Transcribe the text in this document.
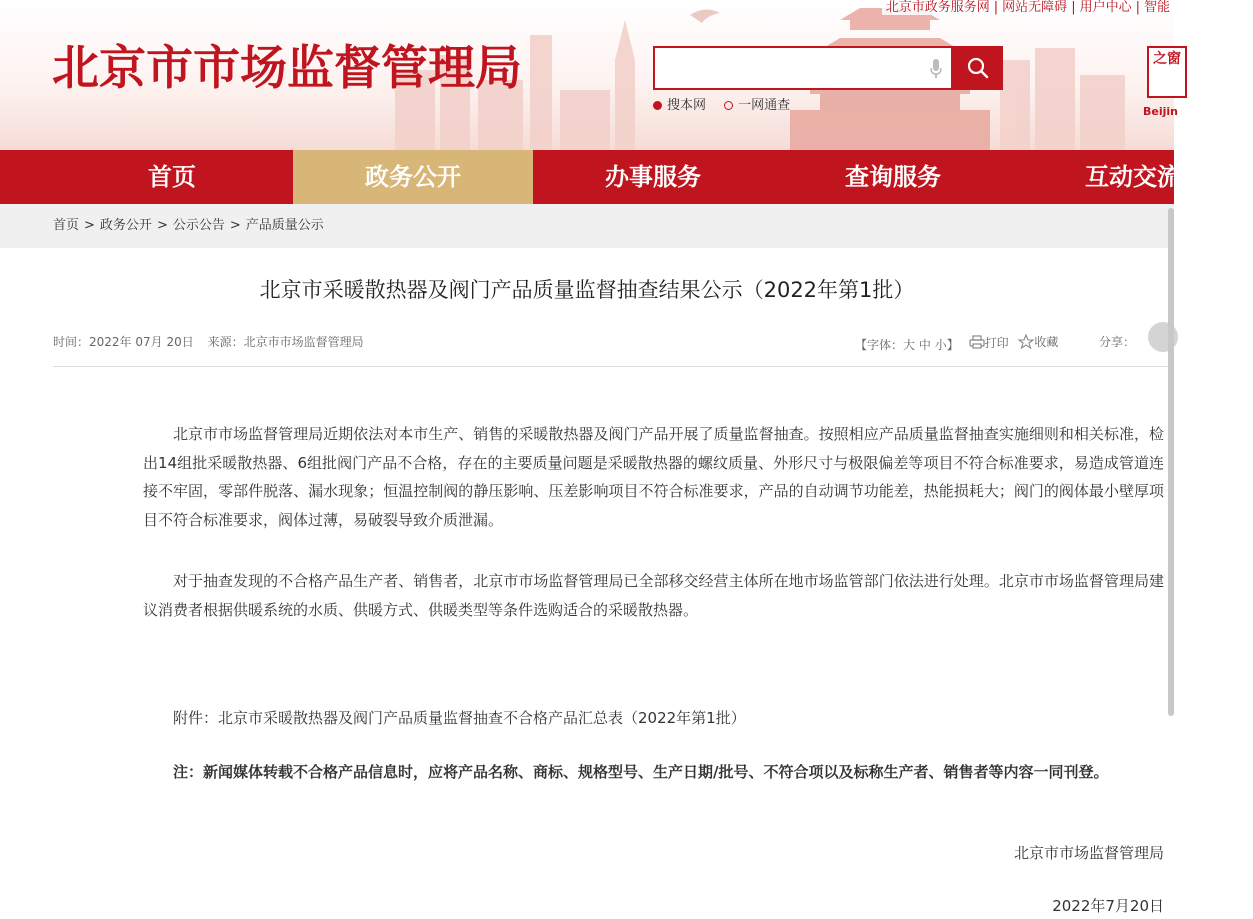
北京市政务服务网 | 网站无障碍 | 用户中心 | 智能
北京市市场监督管理局
搜本网 一网通查
之窗
Beijin
首页	政务公开	办事服务	查询服务	互动交流
首页 > 政务公开 > 公示公告 > 产品质量公示
北京市采暖散热器及阀门产品质量监督抽查结果公示（2022年第1批）
时间：2022年 07月 20日 来源：北京市市场监督管理局	【字体：大 中 小】 打印
收藏	分享：

北京市市场监督管理局近期依法对本市生产、销售的采暖散热器及阀门产品开展了质量监督抽查。按照相应产品质量监督抽查实施细则和相关标准，检出14组批采暖散热器、6组批阀门产品不合格，存在的主要质量问题是采暖散热器的螺纹质量、外形尺寸与极限偏差等项目不符合标准要求，易造成管道连接不牢固，零部件脱落、漏水现象；恒温控制阀的静压影响、压差影响项目不符合标准要求，产品的自动调节功能差，热能损耗大；阀门的阀体最小壁厚项目不符合标准要求，阀体过薄，易破裂导致介质泄漏。

对于抽查发现的不合格产品生产者、销售者，北京市市场监督管理局已全部移交经营主体所在地市场监管部门依法进行处理。北京市市场监督管理局建议消费者根据供暖系统的水质、供暖方式、供暖类型等条件选购适合的采暖散热器。

附件：北京市采暖散热器及阀门产品质量监督抽查不合格产品汇总表（2022年第1批）

注：新闻媒体转载不合格产品信息时，应将产品名称、商标、规格型号、生产日期/批号、不符合项以及标称生产者、销售者等内容一同刊登。

北京市市场监督管理局
2022年7月20日
